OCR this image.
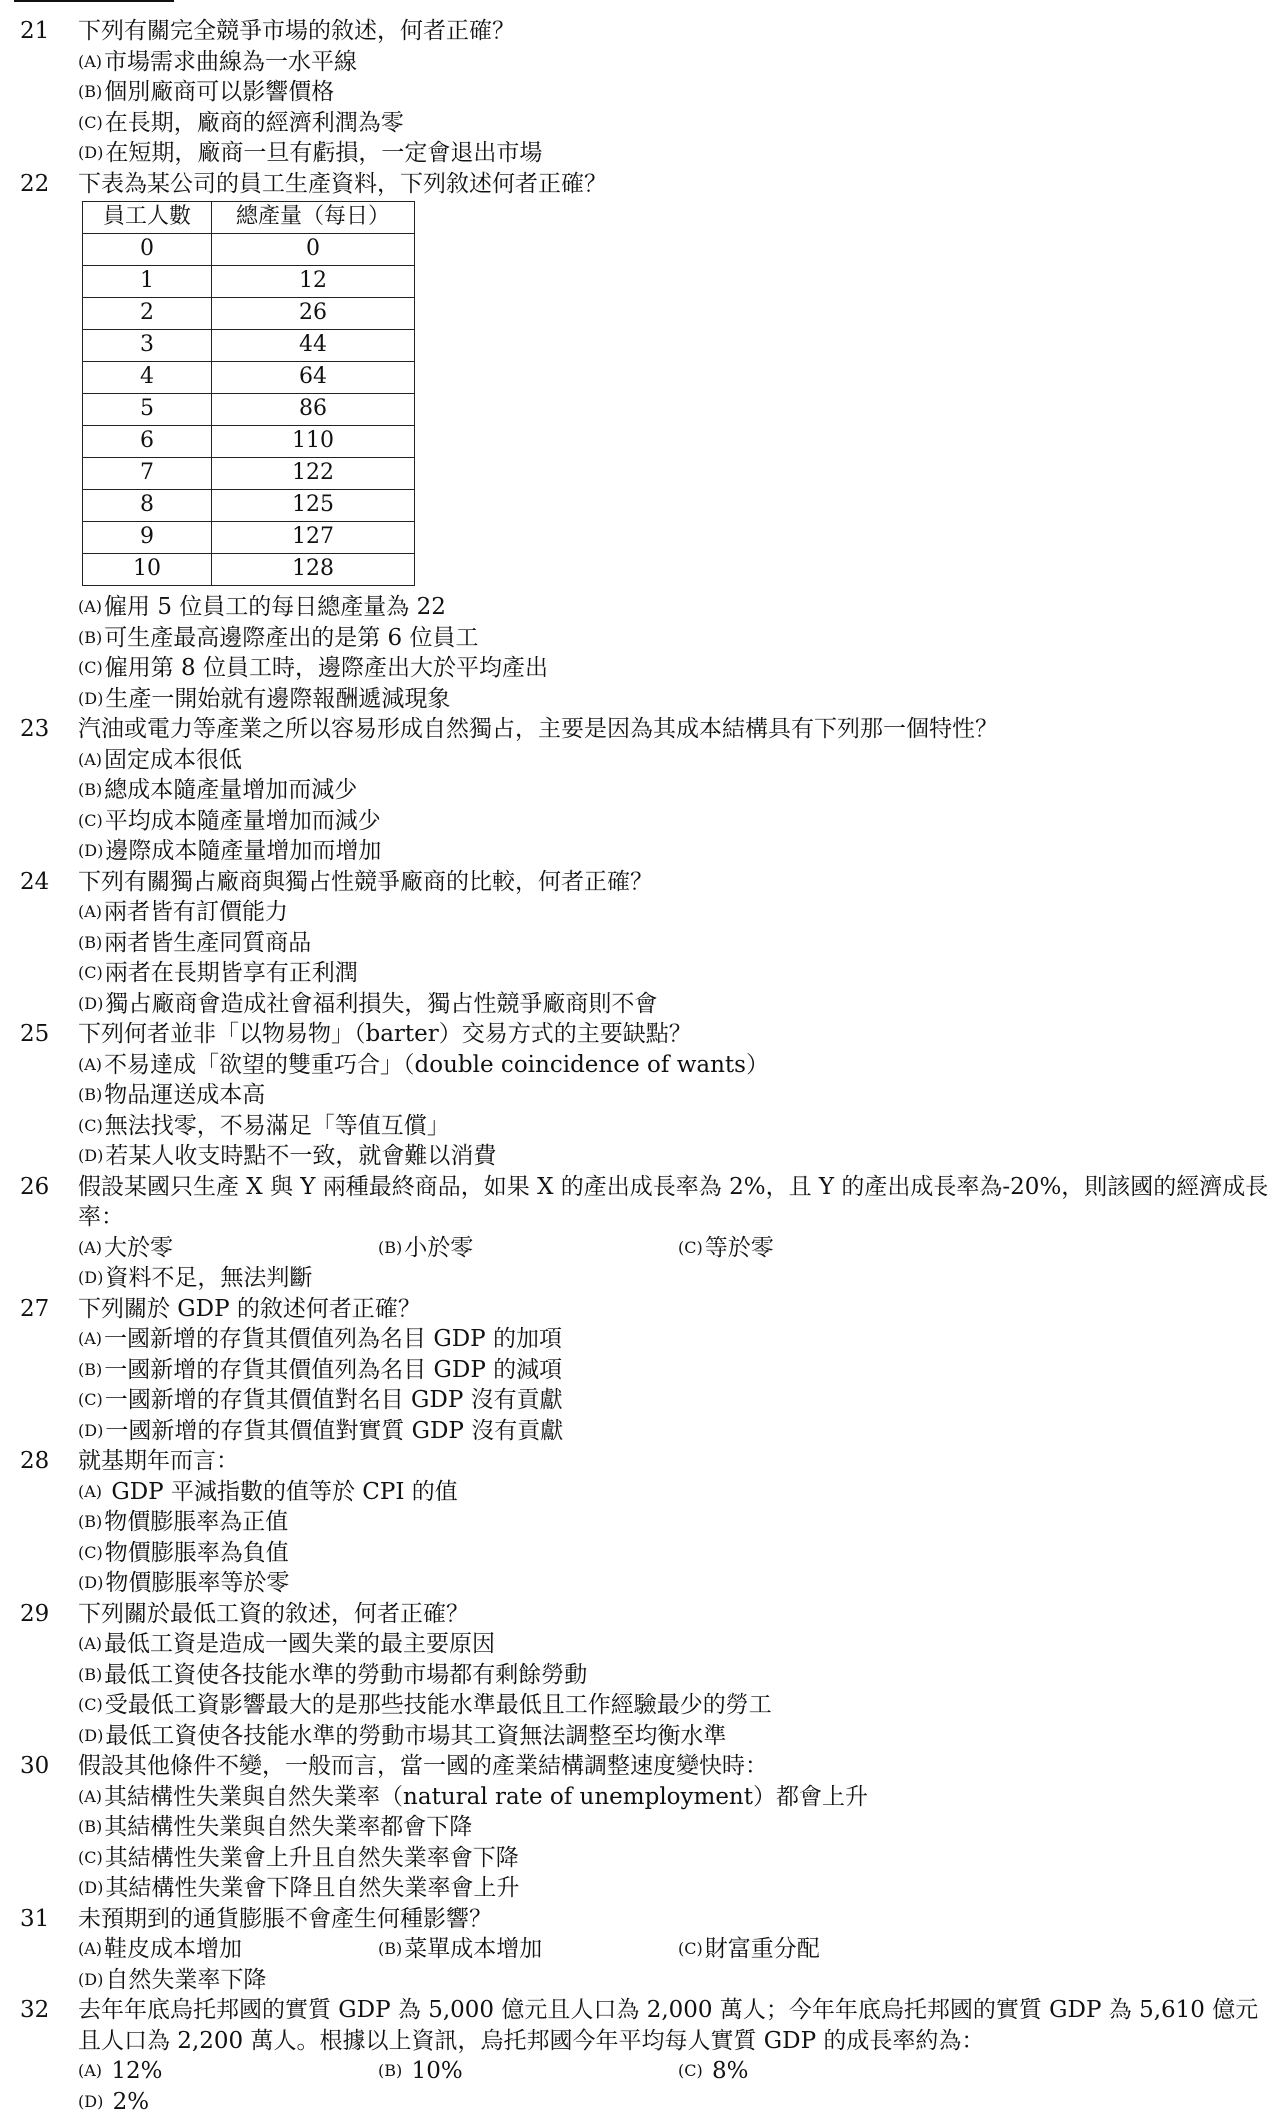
21	下列有關完全競爭市場的敘述，何者正確？
(A)市場需求曲線為一水平線
(B)個別廠商可以影響價格
(C)在長期，廠商的經濟利潤為零
(D)在短期，廠商一旦有虧損，一定會退出市場
22	下表為某公司的員工生產資料，下列敘述何者正確？
員工人數	總產量（每日）
0	0
1	12
2	26
3	44
4	64
5	86
6	110
7	122
8	125
9	127
10	128
(A)僱用 5 位員工的每日總產量為 22
(B)可生產最高邊際產出的是第 6 位員工
(C)僱用第 8 位員工時，邊際產出大於平均產出
(D)生產一開始就有邊際報酬遞減現象
23	汽油或電力等產業之所以容易形成自然獨占，主要是因為其成本結構具有下列那一個特性？
(A)固定成本很低
(B)總成本隨產量增加而減少
(C)平均成本隨產量增加而減少
(D)邊際成本隨產量增加而增加
24	下列有關獨占廠商與獨占性競爭廠商的比較，何者正確？
(A)兩者皆有訂價能力
(B)兩者皆生產同質商品
(C)兩者在長期皆享有正利潤
(D)獨占廠商會造成社會福利損失，獨占性競爭廠商則不會
25	下列何者並非「以物易物」（barter）交易方式的主要缺點？
(A)不易達成「欲望的雙重巧合」（double coincidence of wants）
(B)物品運送成本高
(C)無法找零，不易滿足「等值互償」
(D)若某人收支時點不一致，就會難以消費
26	假設某國只生產 X 與 Y 兩種最終商品，如果 X 的產出成長率為 2%，且 Y 的產出成長率為-20%，則該國的經濟成長率：
(A)大於零	(B)小於零	(C)等於零
(D)資料不足，無法判斷
27	下列關於 GDP 的敘述何者正確？
(A)一國新增的存貨其價值列為名目 GDP 的加項
(B)一國新增的存貨其價值列為名目 GDP 的減項
(C)一國新增的存貨其價值對名目 GDP 沒有貢獻
(D)一國新增的存貨其價值對實質 GDP 沒有貢獻
28	就基期年而言：
(A) GDP 平減指數的值等於 CPI 的值
(B)物價膨脹率為正值
(C)物價膨脹率為負值
(D)物價膨脹率等於零
29	下列關於最低工資的敘述，何者正確？
(A)最低工資是造成一國失業的最主要原因
(B)最低工資使各技能水準的勞動市場都有剩餘勞動
(C)受最低工資影響最大的是那些技能水準最低且工作經驗最少的勞工
(D)最低工資使各技能水準的勞動市場其工資無法調整至均衡水準
30	假設其他條件不變，一般而言，當一國的產業結構調整速度變快時：
(A)其結構性失業與自然失業率（natural rate of unemployment）都會上升
(B)其結構性失業與自然失業率都會下降
(C)其結構性失業會上升且自然失業率會下降
(D)其結構性失業會下降且自然失業率會上升
31	未預期到的通貨膨脹不會產生何種影響？
(A)鞋皮成本增加	(B)菜單成本增加	(C)財富重分配
(D)自然失業率下降
32	去年年底烏托邦國的實質 GDP 為 5,000 億元且人口為 2,000 萬人；今年年底烏托邦國的實質 GDP 為 5,610 億元且人口為 2,200 萬人。根據以上資訊，烏托邦國今年平均每人實質 GDP 的成長率約為：
(A) 12%	(B) 10%	(C) 8%
(D) 2%
